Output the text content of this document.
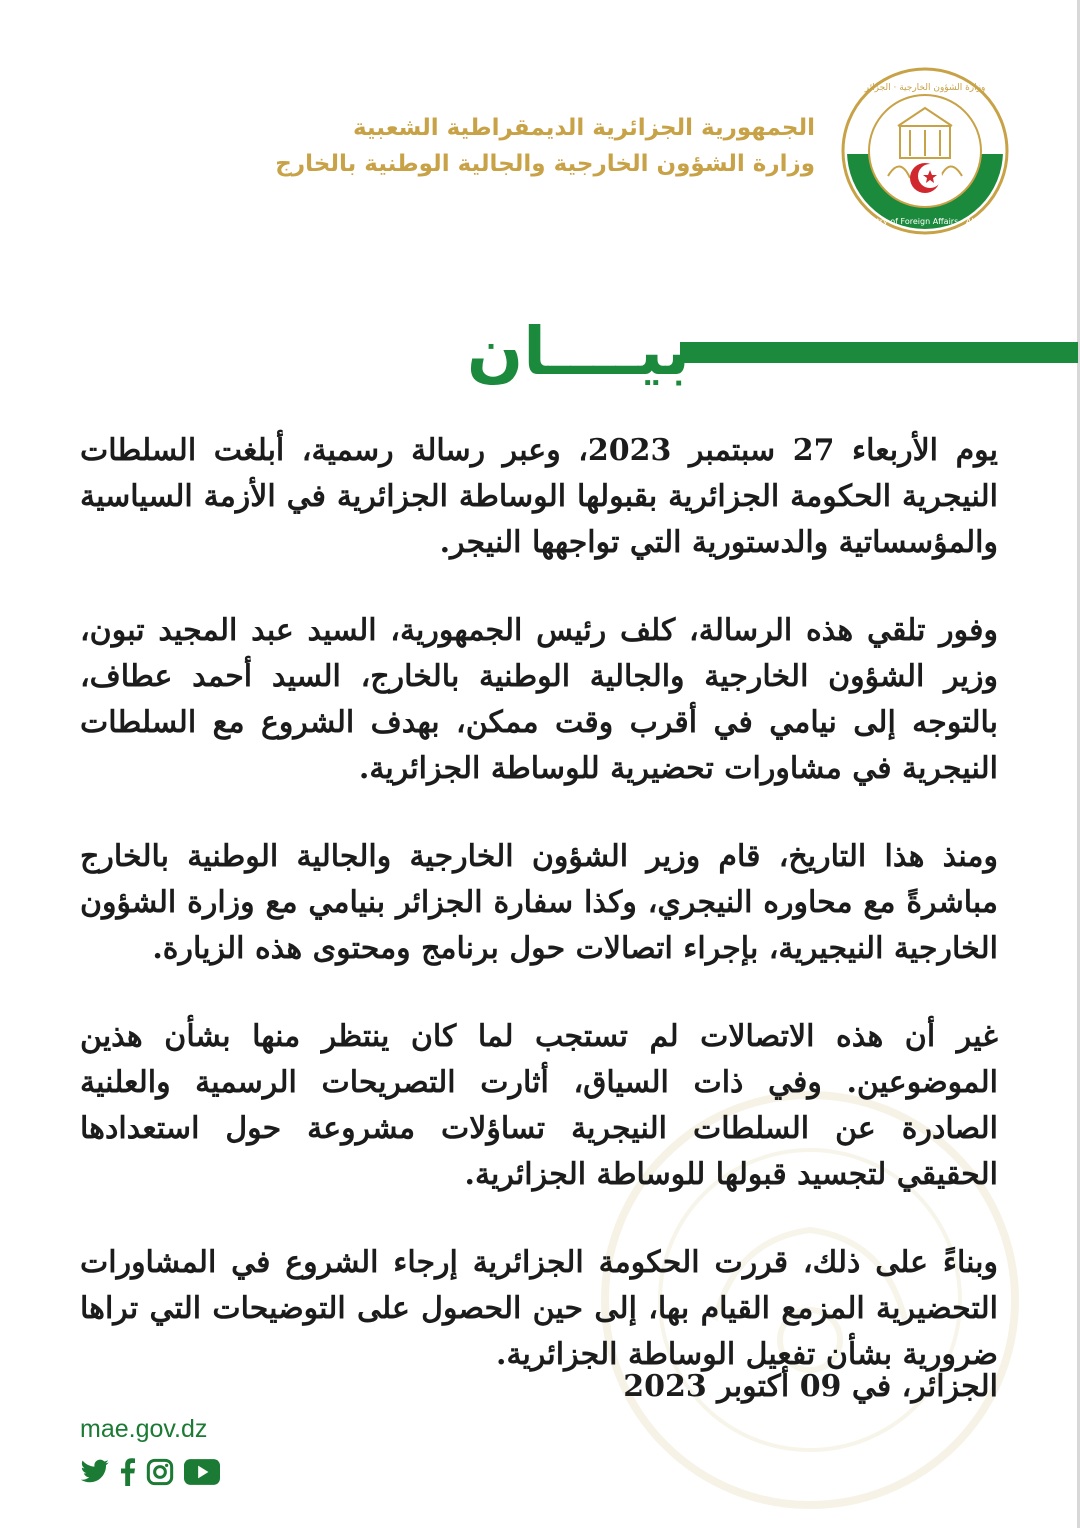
وزارة الشؤون الخارجية · الجزائر
Ministry of Foreign Affairs · Algeria
الجمهورية الجزائرية الديمقراطية الشعبية
وزارة الشؤون الخارجية والجالية الوطنية بالخارج
بيــــان

يوم الأربعاء 27 سبتمبر 2023، وعبر رسالة رسمية، أبلغت السلطات النيجرية الحكومة الجزائرية بقبولها الوساطة الجزائرية في الأزمة السياسية والمؤسساتية والدستورية التي تواجهها النيجر.

وفور تلقي هذه الرسالة، كلف رئيس الجمهورية، السيد عبد المجيد تبون، وزير الشؤون الخارجية والجالية الوطنية بالخارج، السيد أحمد عطاف، بالتوجه إلى نيامي في أقرب وقت ممكن، بهدف الشروع مع السلطات النيجرية في مشاورات تحضيرية للوساطة الجزائرية.

ومنذ هذا التاريخ، قام وزير الشؤون الخارجية والجالية الوطنية بالخارج مباشرةً مع محاوره النيجري، وكذا سفارة الجزائر بنيامي مع وزارة الشؤون الخارجية النيجيرية، بإجراء اتصالات حول برنامج ومحتوى هذه الزيارة.

غير أن هذه الاتصالات لم تستجب لما كان ينتظر منها بشأن هذين الموضوعين. وفي ذات السياق، أثارت التصريحات الرسمية والعلنية الصادرة عن السلطات النيجرية تساؤلات مشروعة حول استعدادها الحقيقي لتجسيد قبولها للوساطة الجزائرية.

وبناءً على ذلك، قررت الحكومة الجزائرية إرجاء الشروع في المشاورات التحضيرية المزمع القيام بها، إلى حين الحصول على التوضيحات التي تراها ضرورية بشأن تفعيل الوساطة الجزائرية.

الجزائر، في 09 أكتوبر 2023
mae.gov.dz
